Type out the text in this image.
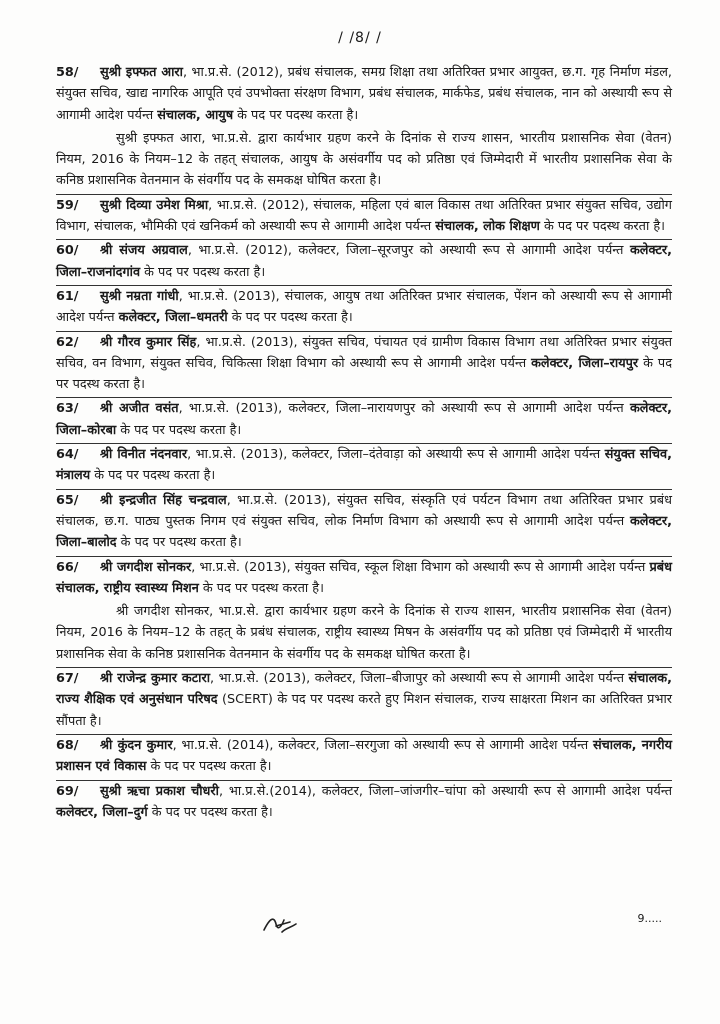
/ /8/ /

58/ सुश्री इफ्फत आरा, भा.प्र.से. (2012), प्रबंध संचालक, समग्र शिक्षा तथा अतिरिक्त प्रभार आयुक्त, छ.ग. गृह निर्माण मंडल, संयुक्त सचिव, खाद्य नागरिक आपूति एवं उपभोक्ता संरक्षण विभाग, प्रबंध संचालक, मार्कफेड, प्रबंध संचालक, नान को अस्थायी रूप से आगामी आदेश पर्यन्त संचालक, आयुष के पद पर पदस्थ करता है।

सुश्री इफ्फत आरा, भा.प्र.से. द्वारा कार्यभार ग्रहण करने के दिनांक से राज्य शासन, भारतीय प्रशासनिक सेवा (वेतन) नियम, 2016 के नियम–12 के तहत् संचालक, आयुष के असंवर्गीय पद को प्रतिष्ठा एवं जिम्मेदारी में भारतीय प्रशासनिक सेवा के कनिष्ठ प्रशासनिक वेतनमान के संवर्गीय पद के समकक्ष घोषित करता है।

59/ सुश्री दिव्या उमेश मिश्रा, भा.प्र.से. (2012), संचालक, महिला एवं बाल विकास तथा अतिरिक्त प्रभार संयुक्त सचिव, उद्योग विभाग, संचालक, भौमिकी एवं खनिकर्म को अस्थायी रूप से आगामी आदेश पर्यन्त संचालक, लोक शिक्षण के पद पर पदस्थ करता है।

60/ श्री संजय अग्रवाल, भा.प्र.से. (2012), कलेक्टर, जिला–सूरजपुर को अस्थायी रूप से आगामी आदेश पर्यन्त कलेक्टर, जिला–राजनांदगांव के पद पर पदस्थ करता है।

61/ सुश्री नम्रता गांधी, भा.प्र.से. (2013), संचालक, आयुष तथा अतिरिक्त प्रभार संचालक, पेंशन को अस्थायी रूप से आगामी आदेश पर्यन्त कलेक्टर, जिला–धमतरी के पद पर पदस्थ करता है।

62/ श्री गौरव कुमार सिंह, भा.प्र.से. (2013), संयुक्त सचिव, पंचायत एवं ग्रामीण विकास विभाग तथा अतिरिक्त प्रभार संयुक्त सचिव, वन विभाग, संयुक्त सचिव, चिकित्सा शिक्षा विभाग को अस्थायी रूप से आगामी आदेश पर्यन्त कलेक्टर, जिला–रायपुर के पद पर पदस्थ करता है।

63/ श्री अजीत वसंत, भा.प्र.से. (2013), कलेक्टर, जिला–नारायणपुर को अस्थायी रूप से आगामी आदेश पर्यन्त कलेक्टर, जिला–कोरबा के पद पर पदस्थ करता है।

64/ श्री विनीत नंदनवार, भा.प्र.से. (2013), कलेक्टर, जिला–दंतेवाड़ा को अस्थायी रूप से आगामी आदेश पर्यन्त संयुक्त सचिव, मंत्रालय के पद पर पदस्थ करता है।

65/ श्री इन्द्रजीत सिंह चन्द्रवाल, भा.प्र.से. (2013), संयुक्त सचिव, संस्कृति एवं पर्यटन विभाग तथा अतिरिक्त प्रभार प्रबंध संचालक, छ.ग. पाठ्य पुस्तक निगम एवं संयुक्त सचिव, लोक निर्माण विभाग को अस्थायी रूप से आगामी आदेश पर्यन्त कलेक्टर, जिला–बालोद के पद पर पदस्थ करता है।

66/ श्री जगदीश सोनकर, भा.प्र.से. (2013), संयुक्त सचिव, स्कूल शिक्षा विभाग को अस्थायी रूप से आगामी आदेश पर्यन्त प्रबंध संचालक, राष्ट्रीय स्वास्थ्य मिशन के पद पर पदस्थ करता है।

श्री जगदीश सोनकर, भा.प्र.से. द्वारा कार्यभार ग्रहण करने के दिनांक से राज्य शासन, भारतीय प्रशासनिक सेवा (वेतन) नियम, 2016 के नियम–12 के तहत् के प्रबंध संचालक, राष्ट्रीय स्वास्थ्य मिषन के असंवर्गीय पद को प्रतिष्ठा एवं जिम्मेदारी में भारतीय प्रशासनिक सेवा के कनिष्ठ प्रशासनिक वेतनमान के संवर्गीय पद के समकक्ष घोषित करता है।

67/ श्री राजेन्द्र कुमार कटारा, भा.प्र.से. (2013), कलेक्टर, जिला–बीजापुर को अस्थायी रूप से आगामी आदेश पर्यन्त संचालक, राज्य शैक्षिक एवं अनुसंधान परिषद (SCERT) के पद पर पदस्थ करते हुए मिशन संचालक, राज्य साक्षरता मिशन का अतिरिक्त प्रभार सौंपता है।

68/ श्री कुंदन कुमार, भा.प्र.से. (2014), कलेक्टर, जिला–सरगुजा को अस्थायी रूप से आगामी आदेश पर्यन्त संचालक, नगरीय प्रशासन एवं विकास के पद पर पदस्थ करता है।

69/ सुश्री ऋचा प्रकाश चौधरी, भा.प्र.से.(2014), कलेक्टर, जिला–जांजगीर–चांपा को अस्थायी रूप से आगामी आदेश पर्यन्त कलेक्टर, जिला–दुर्ग के पद पर पदस्थ करता है।

9.....
